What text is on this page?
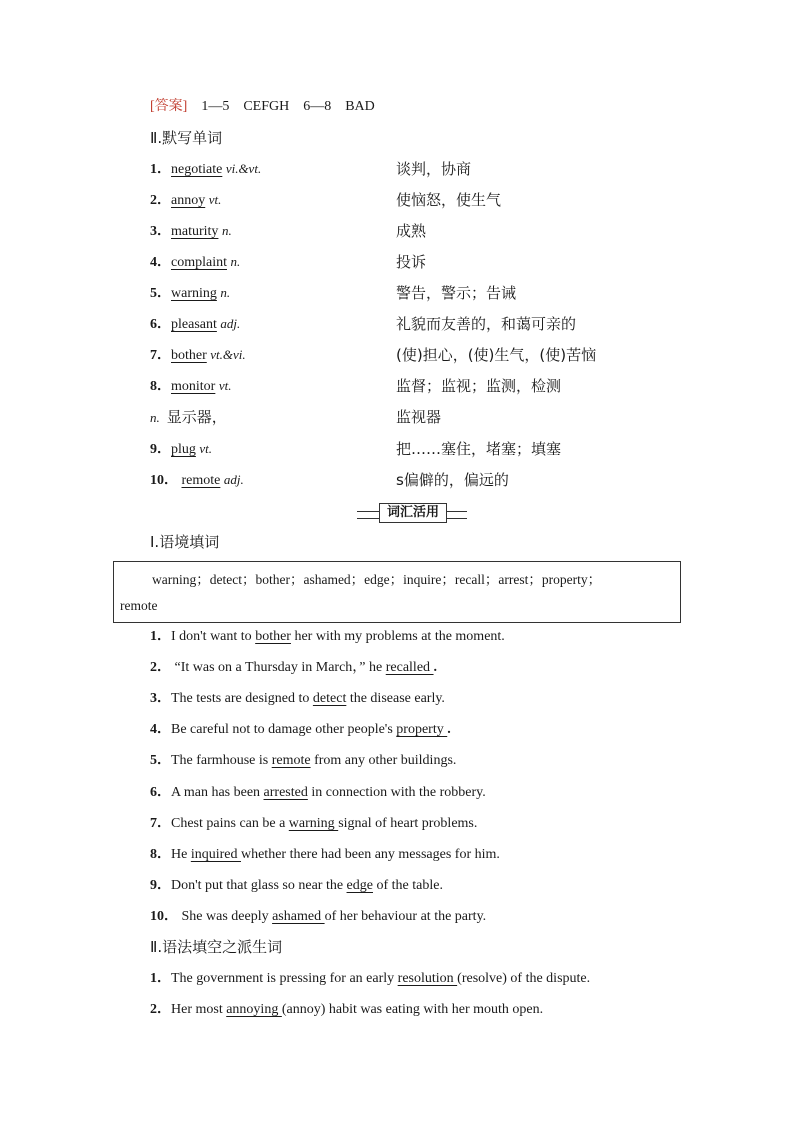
[答案] 1—5　CEFGH　6—8　BAD
Ⅱ.默写单词
1．negotiate vi.&vt.	谈判，协商
2．annoy vt.	使恼怒，使生气
3．maturity n.	成熟
4．complaint n.	投诉
5．warning n.	警告，警示；告诫
6．pleasant adj.	礼貌而友善的，和蔼可亲的
7．bother vt.&vi.	(使)担心，(使)生气，(使)苦恼
8．monitor vt.	监督；监视；监测，检测
n. 显示器，	监视器
9．plug vt.	把……塞住，堵塞；填塞
10． remote adj.	s偏僻的，偏远的
词汇活用
Ⅰ.语境填词
warning；detect；bother；ashamed；edge；inquire；recall；arrest；property；
remote
1．I don't want to bother her with my problems at the moment.
2． “It was on a Thursday in March，” he recalled .
3．The tests are designed to detect the disease early.
4．Be careful not to damage other people's property .
5．The farmhouse is remote from any other buildings.
6．A man has been arrested in connection with the robbery.
7．Chest pains can be a warning signal of heart problems.
8．He inquired whether there had been any messages for him.
9．Don't put that glass so near the edge of the table.
10． She was deeply ashamed of her behaviour at the party.
Ⅱ.语法填空之派生词
1．The government is pressing for an early resolution (resolve) of the dispute.
2．Her most annoying (annoy) habit was eating with her mouth open.
